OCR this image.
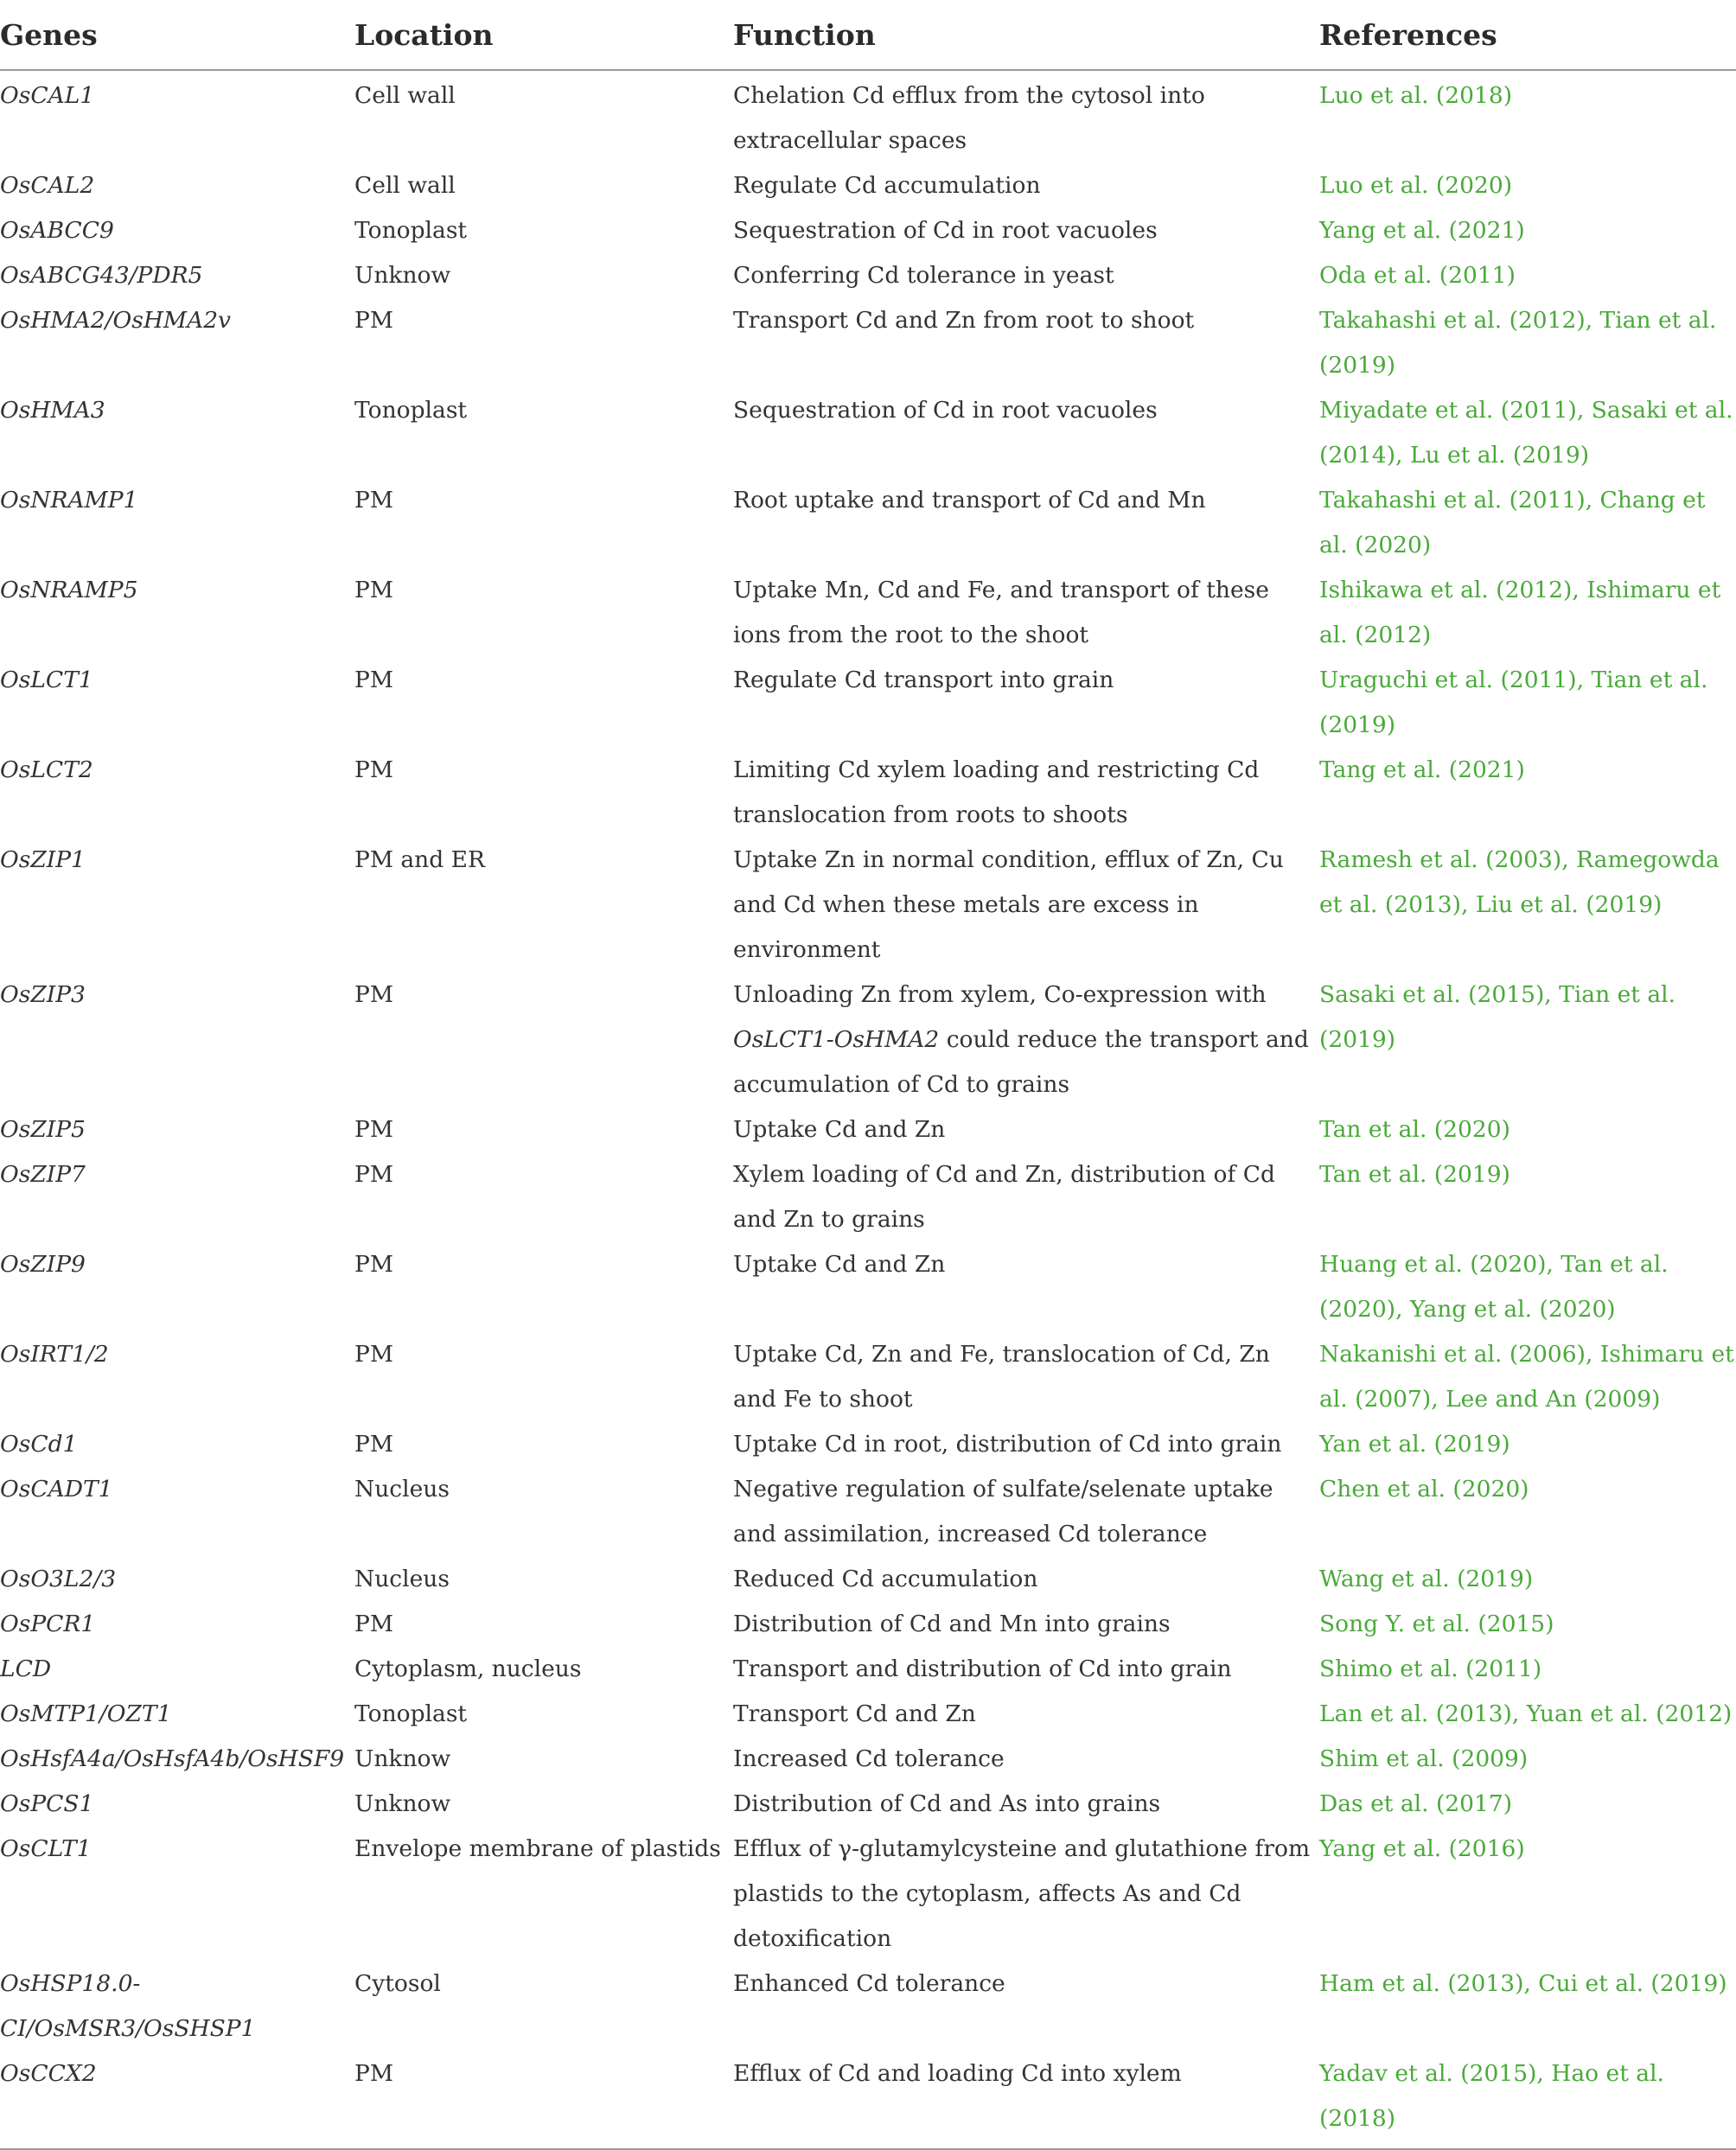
Genes	Location	Function	References
OsCAL1	Cell wall	Chelation Cd efflux from the cytosol into extracellular spaces	Luo et al. (2018)
OsCAL2	Cell wall	Regulate Cd accumulation	Luo et al. (2020)
OsABCC9	Tonoplast	Sequestration of Cd in root vacuoles	Yang et al. (2021)
OsABCG43/PDR5	Unknow	Conferring Cd tolerance in yeast	Oda et al. (2011)
OsHMA2/OsHMA2v	PM	Transport Cd and Zn from root to shoot	Takahashi et al. (2012), Tian et al. (2019)
OsHMA3	Tonoplast	Sequestration of Cd in root vacuoles	Miyadate et al. (2011), Sasaki et al. (2014), Lu et al. (2019)
OsNRAMP1	PM	Root uptake and transport of Cd and Mn	Takahashi et al. (2011), Chang et al. (2020)
OsNRAMP5	PM	Uptake Mn, Cd and Fe, and transport of these ions from the root to the shoot	Ishikawa et al. (2012), Ishimaru et al. (2012)
OsLCT1	PM	Regulate Cd transport into grain	Uraguchi et al. (2011), Tian et al. (2019)
OsLCT2	PM	Limiting Cd xylem loading and restricting Cd translocation from roots to shoots	Tang et al. (2021)
OsZIP1	PM and ER	Uptake Zn in normal condition, efflux of Zn, Cu and Cd when these metals are excess in environment	Ramesh et al. (2003), Ramegowda et al. (2013), Liu et al. (2019)
OsZIP3	PM	Unloading Zn from xylem, Co-expression with OsLCT1-OsHMA2 could reduce the transport and accumulation of Cd to grains	Sasaki et al. (2015), Tian et al. (2019)
OsZIP5	PM	Uptake Cd and Zn	Tan et al. (2020)
OsZIP7	PM	Xylem loading of Cd and Zn, distribution of Cd and Zn to grains	Tan et al. (2019)
OsZIP9	PM	Uptake Cd and Zn	Huang et al. (2020), Tan et al. (2020), Yang et al. (2020)
OsIRT1/2	PM	Uptake Cd, Zn and Fe, translocation of Cd, Zn and Fe to shoot	Nakanishi et al. (2006), Ishimaru et al. (2007), Lee and An (2009)
OsCd1	PM	Uptake Cd in root, distribution of Cd into grain	Yan et al. (2019)
OsCADT1	Nucleus	Negative regulation of sulfate/selenate uptake and assimilation, increased Cd tolerance	Chen et al. (2020)
OsO3L2/3	Nucleus	Reduced Cd accumulation	Wang et al. (2019)
OsPCR1	PM	Distribution of Cd and Mn into grains	Song Y. et al. (2015)
LCD	Cytoplasm, nucleus	Transport and distribution of Cd into grain	Shimo et al. (2011)
OsMTP1/OZT1	Tonoplast	Transport Cd and Zn	Lan et al. (2013), Yuan et al. (2012)
OsHsfA4a/OsHsfA4b/OsHSF9	Unknow	Increased Cd tolerance	Shim et al. (2009)
OsPCS1	Unknow	Distribution of Cd and As into grains	Das et al. (2017)
OsCLT1	Envelope membrane of plastids	Efflux of γ-glutamylcysteine and glutathione from plastids to the cytoplasm, affects As and Cd detoxification	Yang et al. (2016)
OsHSP18.0-CI/OsMSR3/OsSHSP1	Cytosol	Enhanced Cd tolerance	Ham et al. (2013), Cui et al. (2019)
OsCCX2	PM	Efflux of Cd and loading Cd into xylem	Yadav et al. (2015), Hao et al. (2018)
